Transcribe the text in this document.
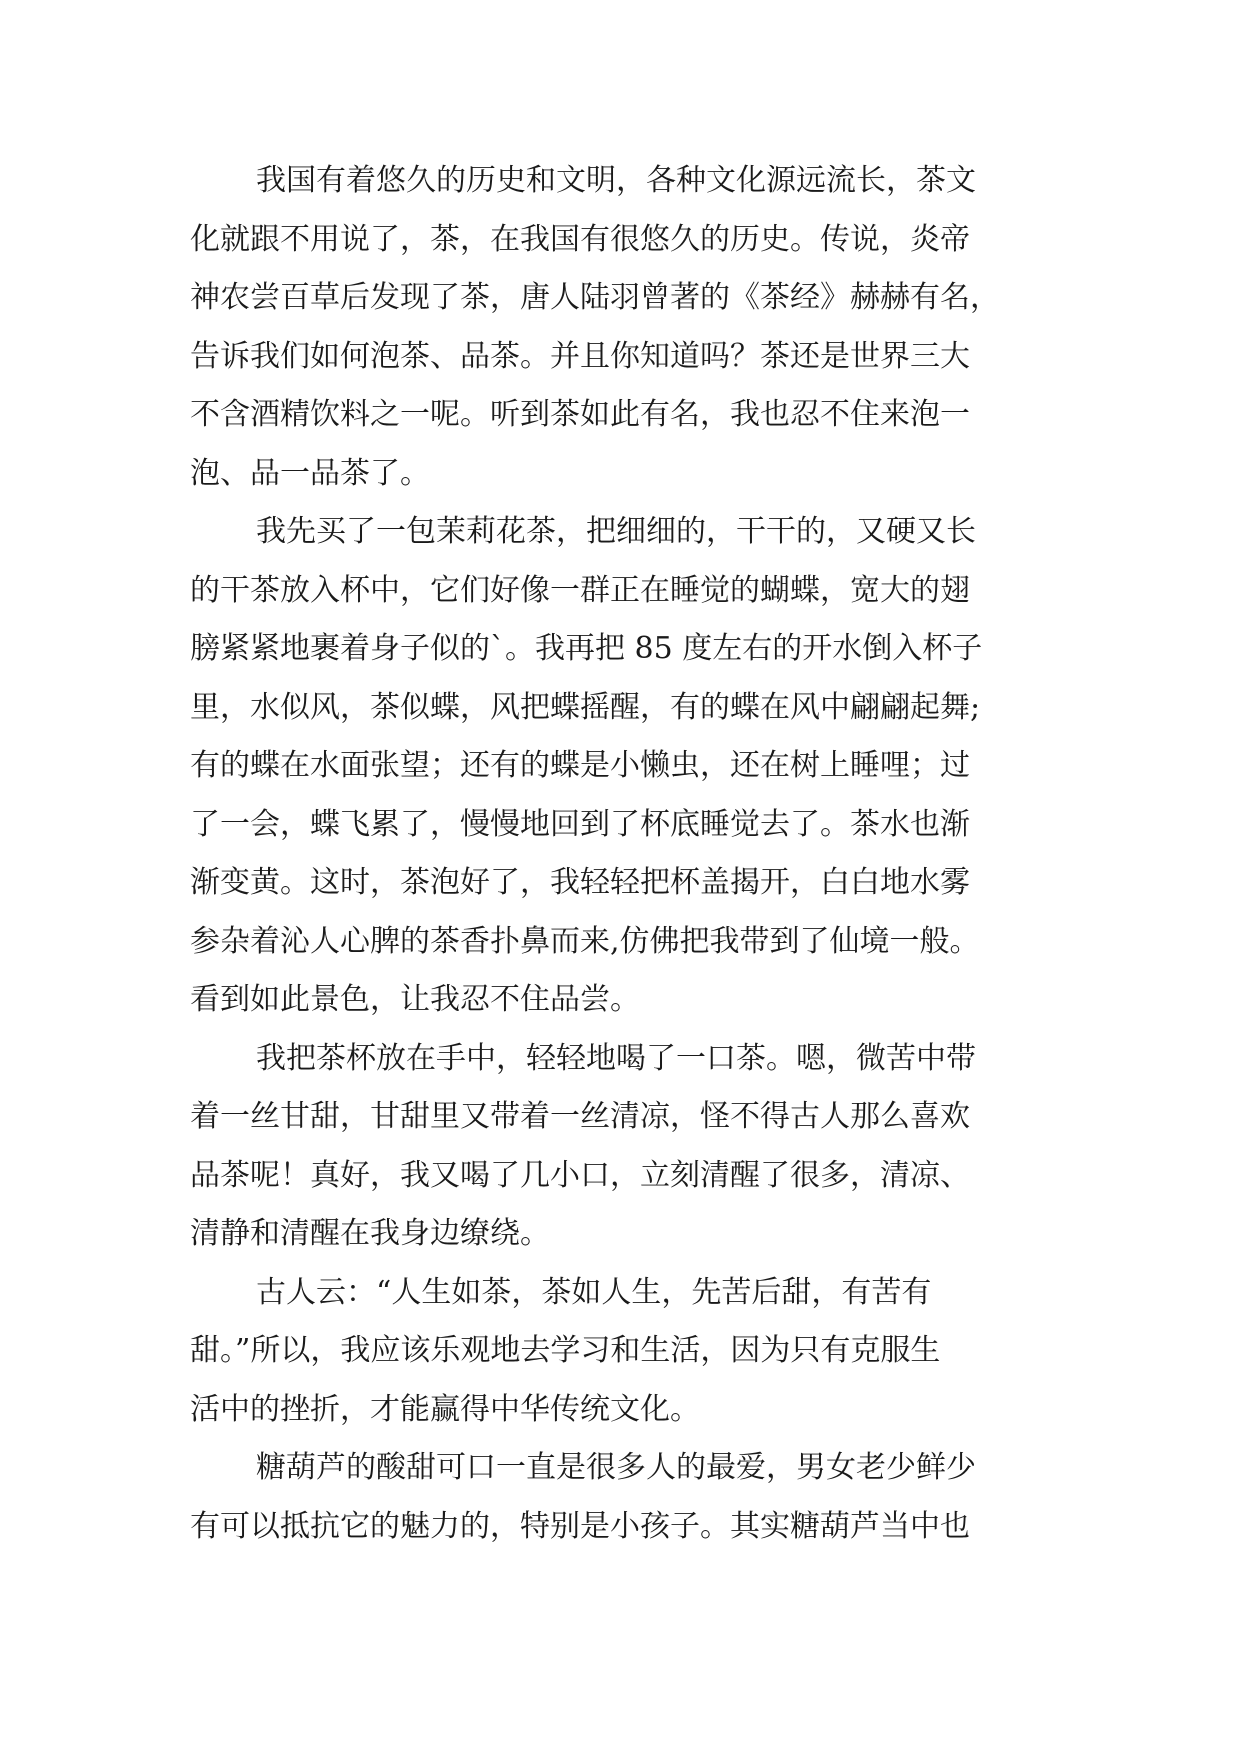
我国有着悠久的历史和文明，各种文化源远流长，茶文
化就跟不用说了，茶，在我国有很悠久的历史。传说，炎帝
神农尝百草后发现了茶，唐人陆羽曾著的《茶经》赫赫有名，
告诉我们如何泡茶、品茶。并且你知道吗？茶还是世界三大
不含酒精饮料之一呢。听到茶如此有名，我也忍不住来泡一
泡、品一品茶了。
我先买了一包茉莉花茶，把细细的，干干的，又硬又长
的干茶放入杯中，它们好像一群正在睡觉的蝴蝶，宽大的翅
膀紧紧地裹着身子似的`。我再把 85 度左右的开水倒入杯子
里，水似风，茶似蝶，风把蝶摇醒，有的蝶在风中翩翩起舞;
有的蝶在水面张望；还有的蝶是小懒虫，还在树上睡哩；过
了一会，蝶飞累了，慢慢地回到了杯底睡觉去了。茶水也渐
渐变黄。这时，茶泡好了，我轻轻把杯盖揭开，白白地水雾
参杂着沁人心脾的茶香扑鼻而来,仿佛把我带到了仙境一般。
看到如此景色，让我忍不住品尝。
我把茶杯放在手中，轻轻地喝了一口茶。嗯，微苦中带
着一丝甘甜，甘甜里又带着一丝清凉，怪不得古人那么喜欢
品茶呢！真好，我又喝了几小口，立刻清醒了很多，清凉、
清静和清醒在我身边缭绕。
古人云：“人生如茶，茶如人生，先苦后甜，有苦有
甜。”所以，我应该乐观地去学习和生活，因为只有克服生
活中的挫折，才能赢得中华传统文化。
糖葫芦的酸甜可口一直是很多人的最爱，男女老少鲜少
有可以抵抗它的魅力的，特别是小孩子。其实糖葫芦当中也
